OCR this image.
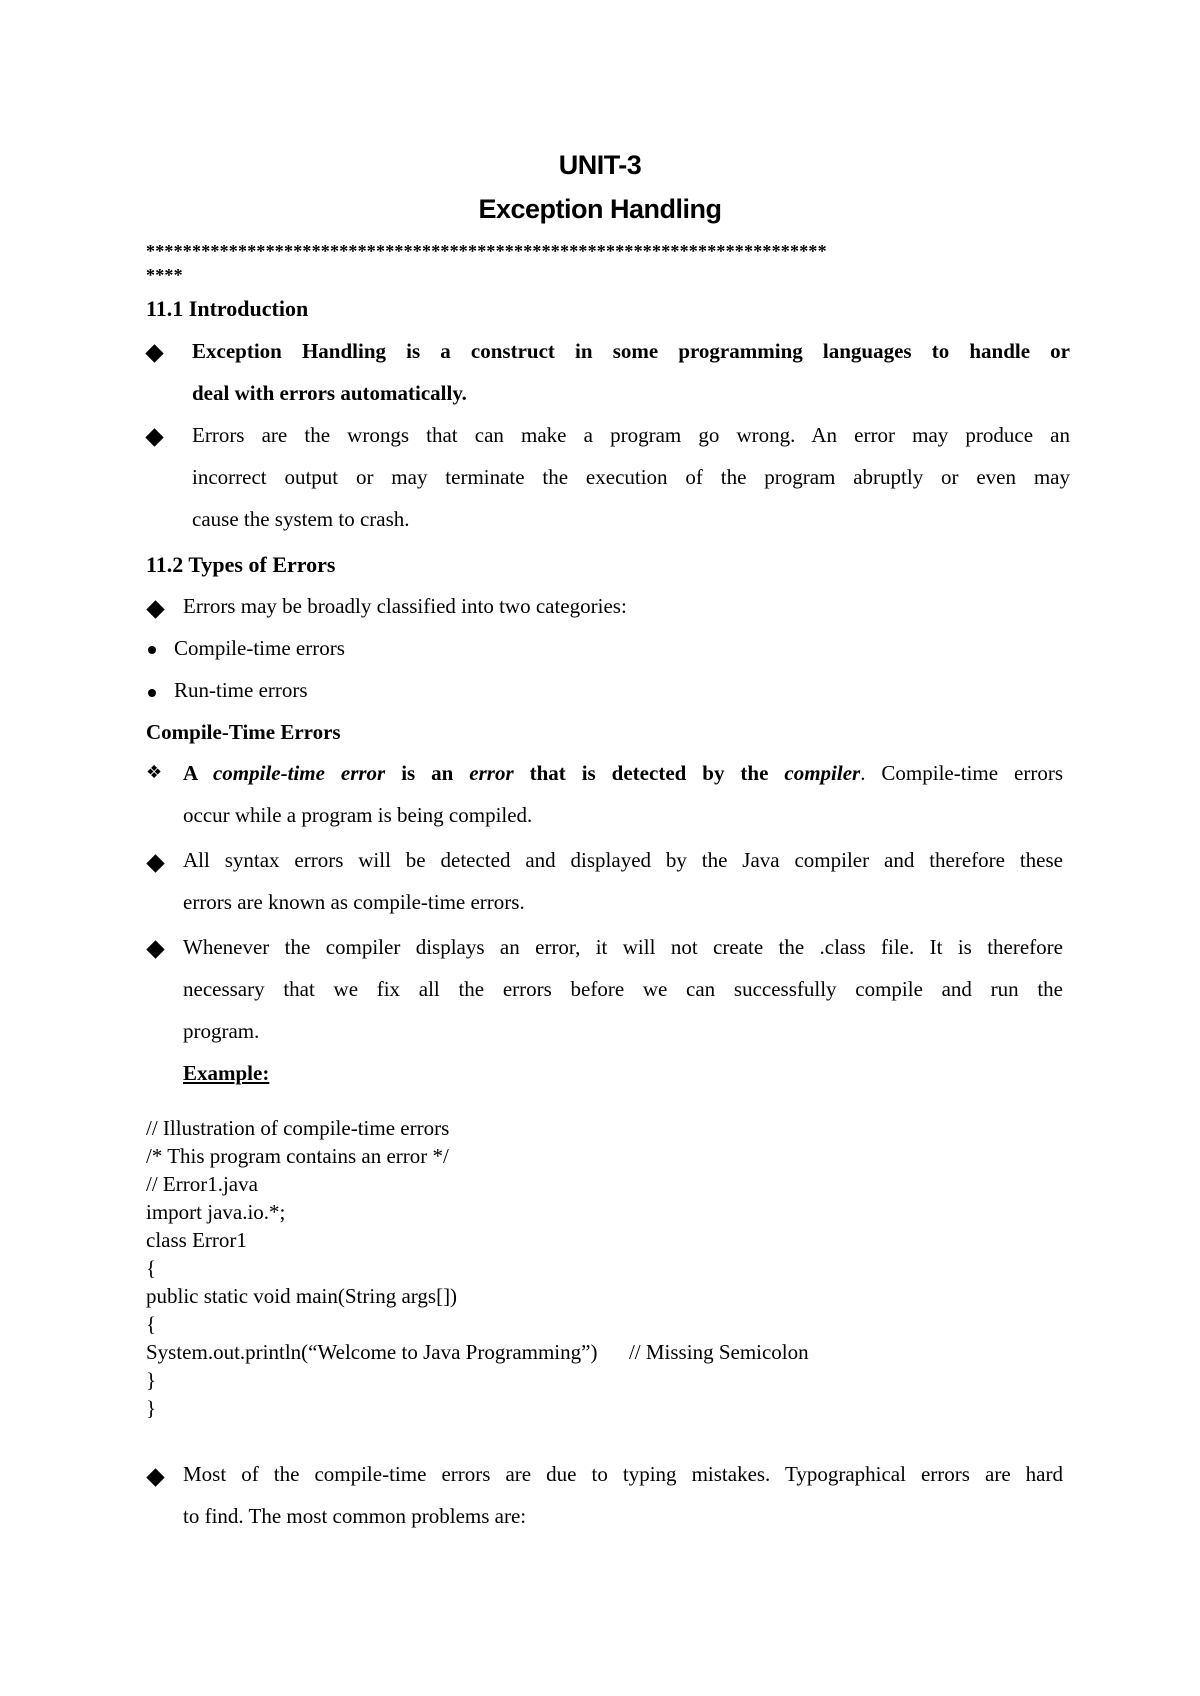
UNIT-3
Exception Handling
**************************************************************************
****
11.1 Introduction
Exception Handling is a construct in some programming languages to handle or
deal with errors automatically.
Errors are the wrongs that can make a program go wrong. An error may produce an
incorrect output or may terminate the execution of the program abruptly or even may
cause the system to crash.
11.2 Types of Errors
Errors may be broadly classified into two categories:
Compile-time errors
Run-time errors
Compile-Time Errors
❖ A compile-time error is an error that is detected by the compiler. Compile-time errors
occur while a program is being compiled.
All syntax errors will be detected and displayed by the Java compiler and therefore these
errors are known as compile-time errors.
Whenever the compiler displays an error, it will not create the .class file. It is therefore
necessary that we fix all the errors before we can successfully compile and run the
program.
Example:
// Illustration of compile-time errors
/* This program contains an error */
// Error1.java
import java.io.*;
class Error1
{
public static void main(String args[])
{
System.out.println(“Welcome to Java Programming”)      // Missing Semicolon
}
}
Most of the compile-time errors are due to typing mistakes. Typographical errors are hard
to find. The most common problems are:
